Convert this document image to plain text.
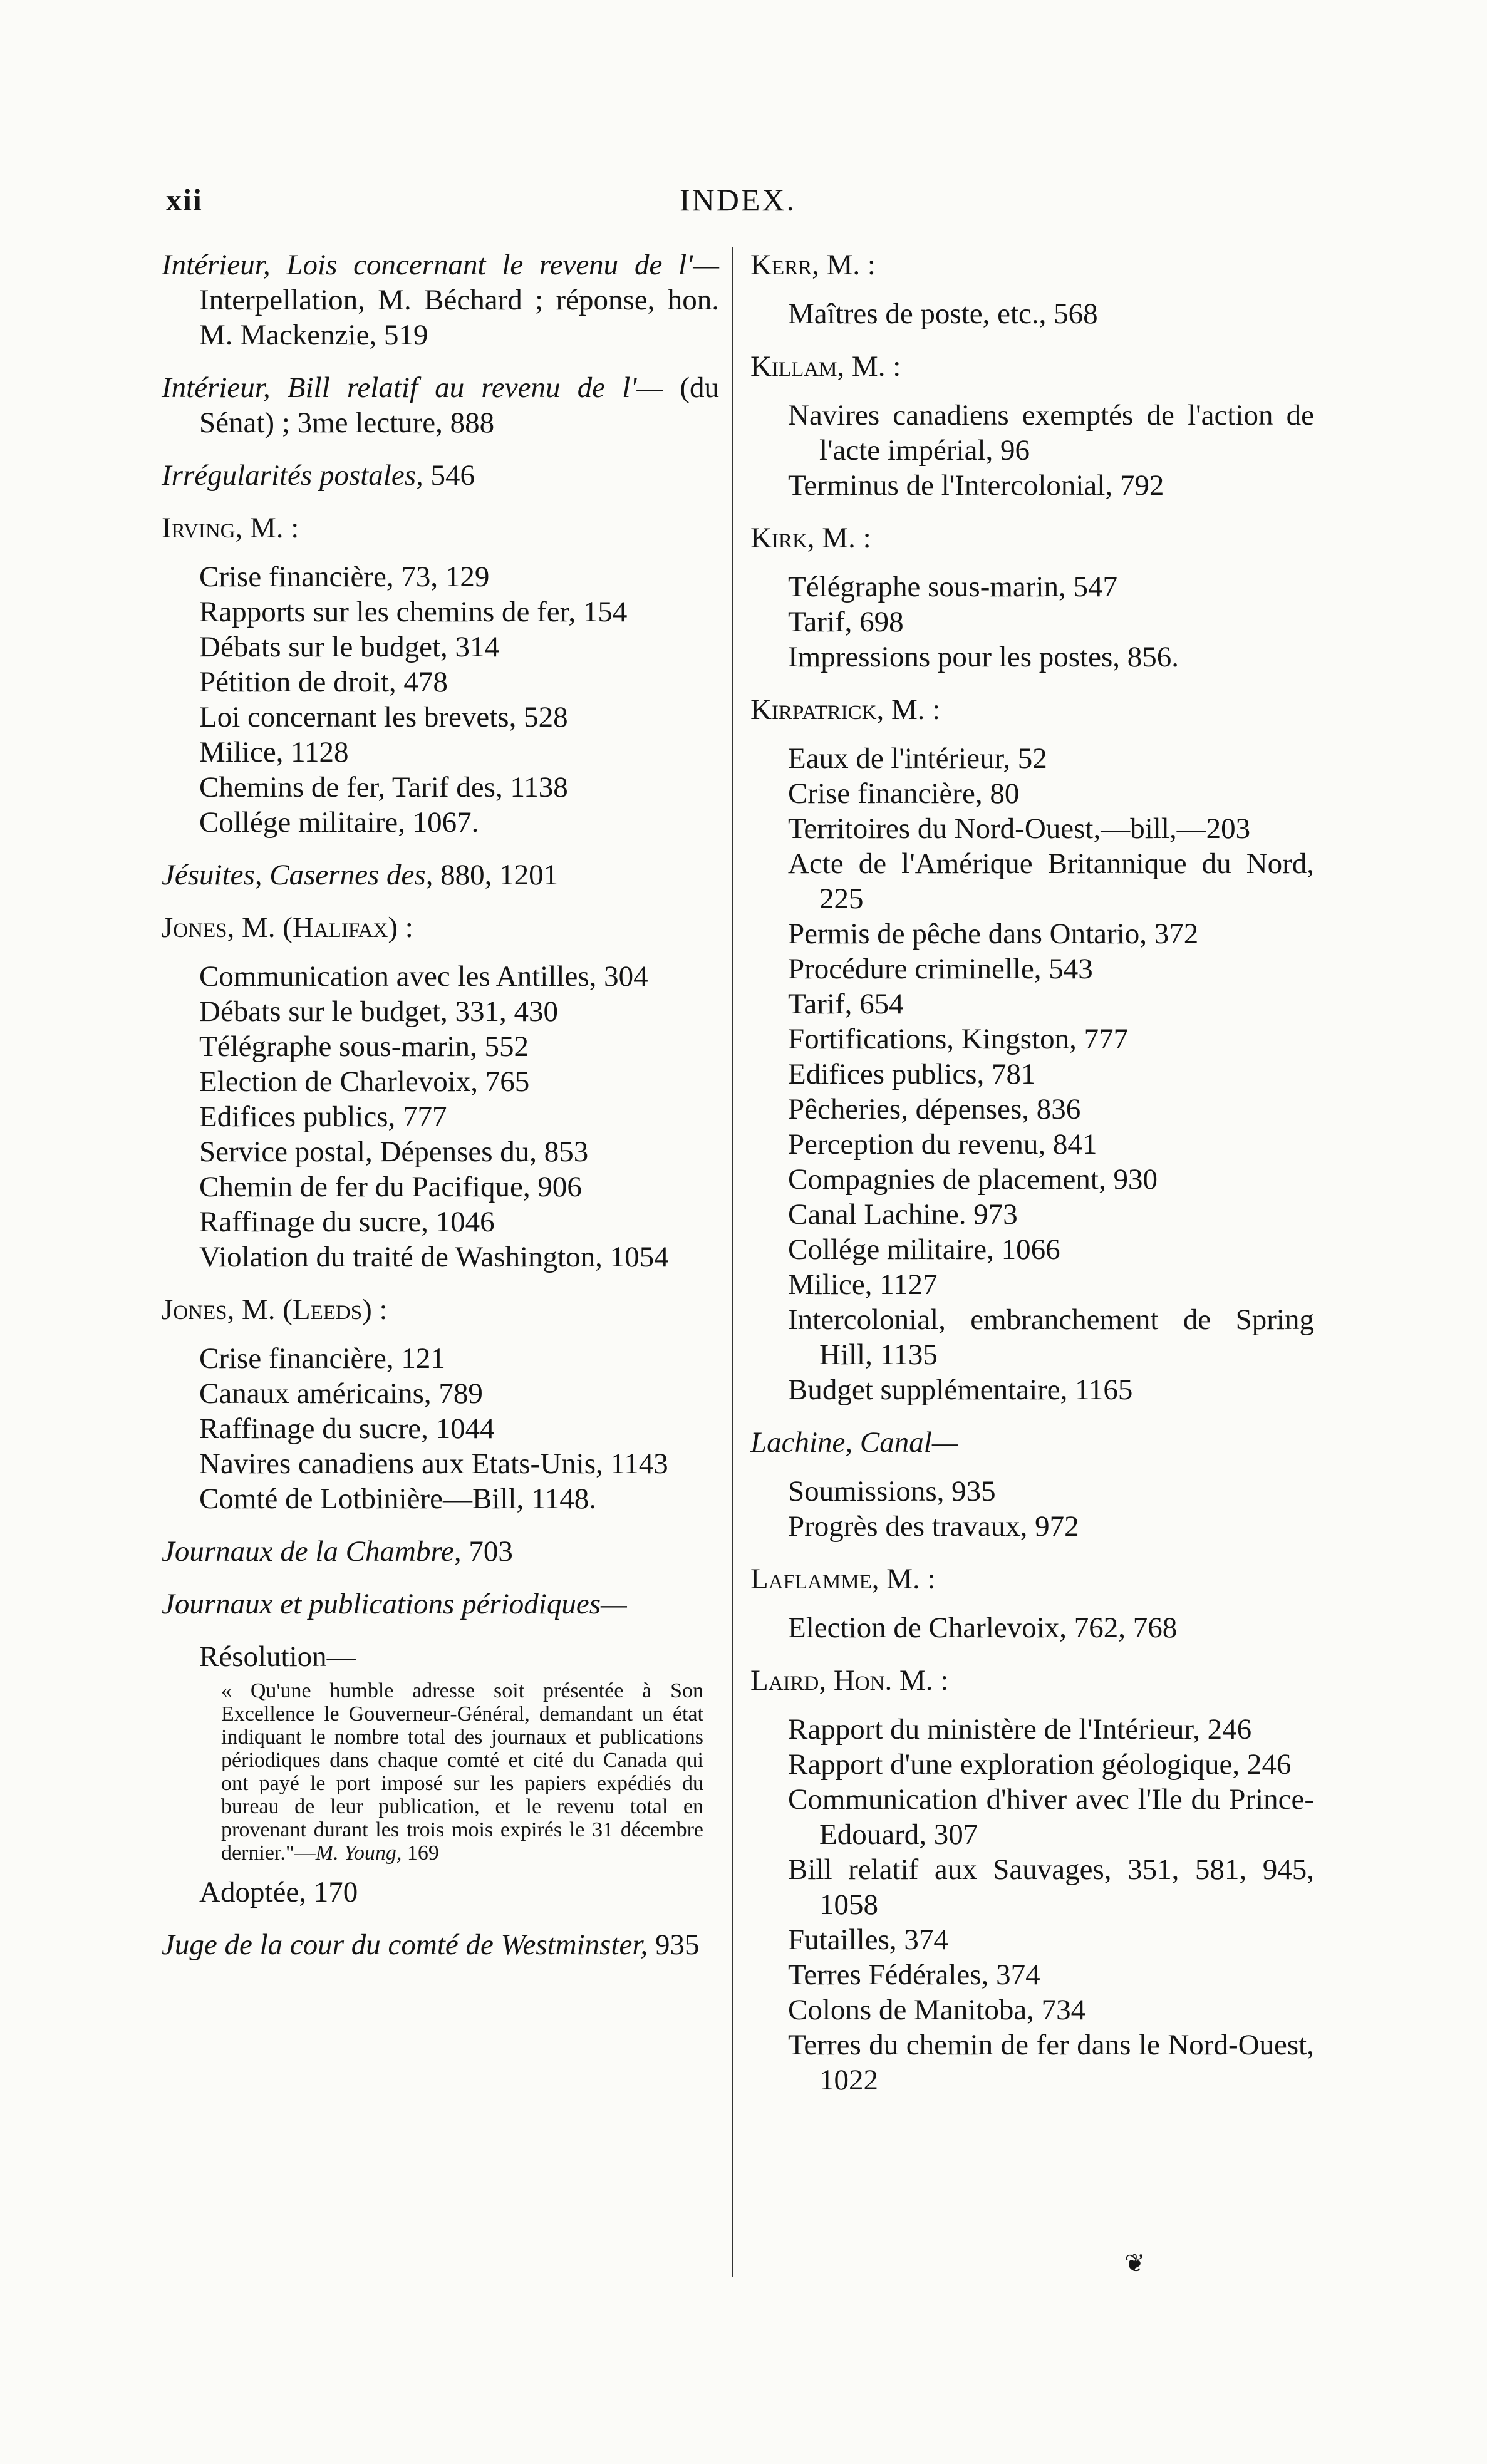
xii	INDEX.
Intérieur, Lois concernant le revenu de l'— Interpellation, M. Béchard ; réponse, hon. M. Mackenzie, 519
Intérieur, Bill relatif au revenu de l'— (du Sénat) ; 3me lecture, 888
Irrégularités postales, 546
Irving, M. :
Crise financière, 73, 129
Rapports sur les chemins de fer, 154
Débats sur le budget, 314
Pétition de droit, 478
Loi concernant les brevets, 528
Milice, 1128
Chemins de fer, Tarif des, 1138
Collége militaire, 1067.
Jésuites, Casernes des, 880, 1201
Jones, M. (Halifax) :
Communication avec les Antilles, 304
Débats sur le budget, 331, 430
Télégraphe sous-marin, 552
Election de Charlevoix, 765
Edifices publics, 777
Service postal, Dépenses du, 853
Chemin de fer du Pacifique, 906
Raffinage du sucre, 1046
Violation du traité de Washington, 1054
Jones, M. (Leeds) :
Crise financière, 121
Canaux américains, 789
Raffinage du sucre, 1044
Navires canadiens aux Etats-Unis, 1143
Comté de Lotbinière—Bill, 1148.
Journaux de la Chambre, 703
Journaux et publications périodiques—
Résolution—
« Qu'une humble adresse soit présentée à Son Excellence le Gouverneur-Général, demandant un état indiquant le nombre total des journaux et publications périodiques dans chaque comté et cité du Canada qui ont payé le port imposé sur les papiers expédiés du bureau de leur publication, et le revenu total en provenant durant les trois mois expirés le 31 décembre dernier."—M. Young, 169
Adoptée, 170
Juge de la cour du comté de Westminster, 935
Kerr, M. :
Maîtres de poste, etc., 568
Killam, M. :
Navires canadiens exemptés de l'action de l'acte impérial, 96
Terminus de l'Intercolonial, 792
Kirk, M. :
Télégraphe sous-marin, 547
Tarif, 698
Impressions pour les postes, 856.
Kirpatrick, M. :
Eaux de l'intérieur, 52
Crise financière, 80
Territoires du Nord-Ouest,—bill,—203
Acte de l'Amérique Britannique du Nord, 225
Permis de pêche dans Ontario, 372
Procédure criminelle, 543
Tarif, 654
Fortifications, Kingston, 777
Edifices publics, 781
Pêcheries, dépenses, 836
Perception du revenu, 841
Compagnies de placement, 930
Canal Lachine. 973
Collége militaire, 1066
Milice, 1127
Intercolonial, embranchement de Spring Hill, 1135
Budget supplémentaire, 1165
Lachine, Canal—
Soumissions, 935
Progrès des travaux, 972
Laflamme, M. :
Election de Charlevoix, 762, 768
Laird, Hon. M. :
Rapport du ministère de l'Intérieur, 246
Rapport d'une exploration géologique, 246
Communication d'hiver avec l'Ile du Prince-Edouard, 307
Bill relatif aux Sauvages, 351, 581, 945, 1058
Futailles, 374
Terres Fédérales, 374
Colons de Manitoba, 734
Terres du chemin de fer dans le Nord-Ouest, 1022
❦
